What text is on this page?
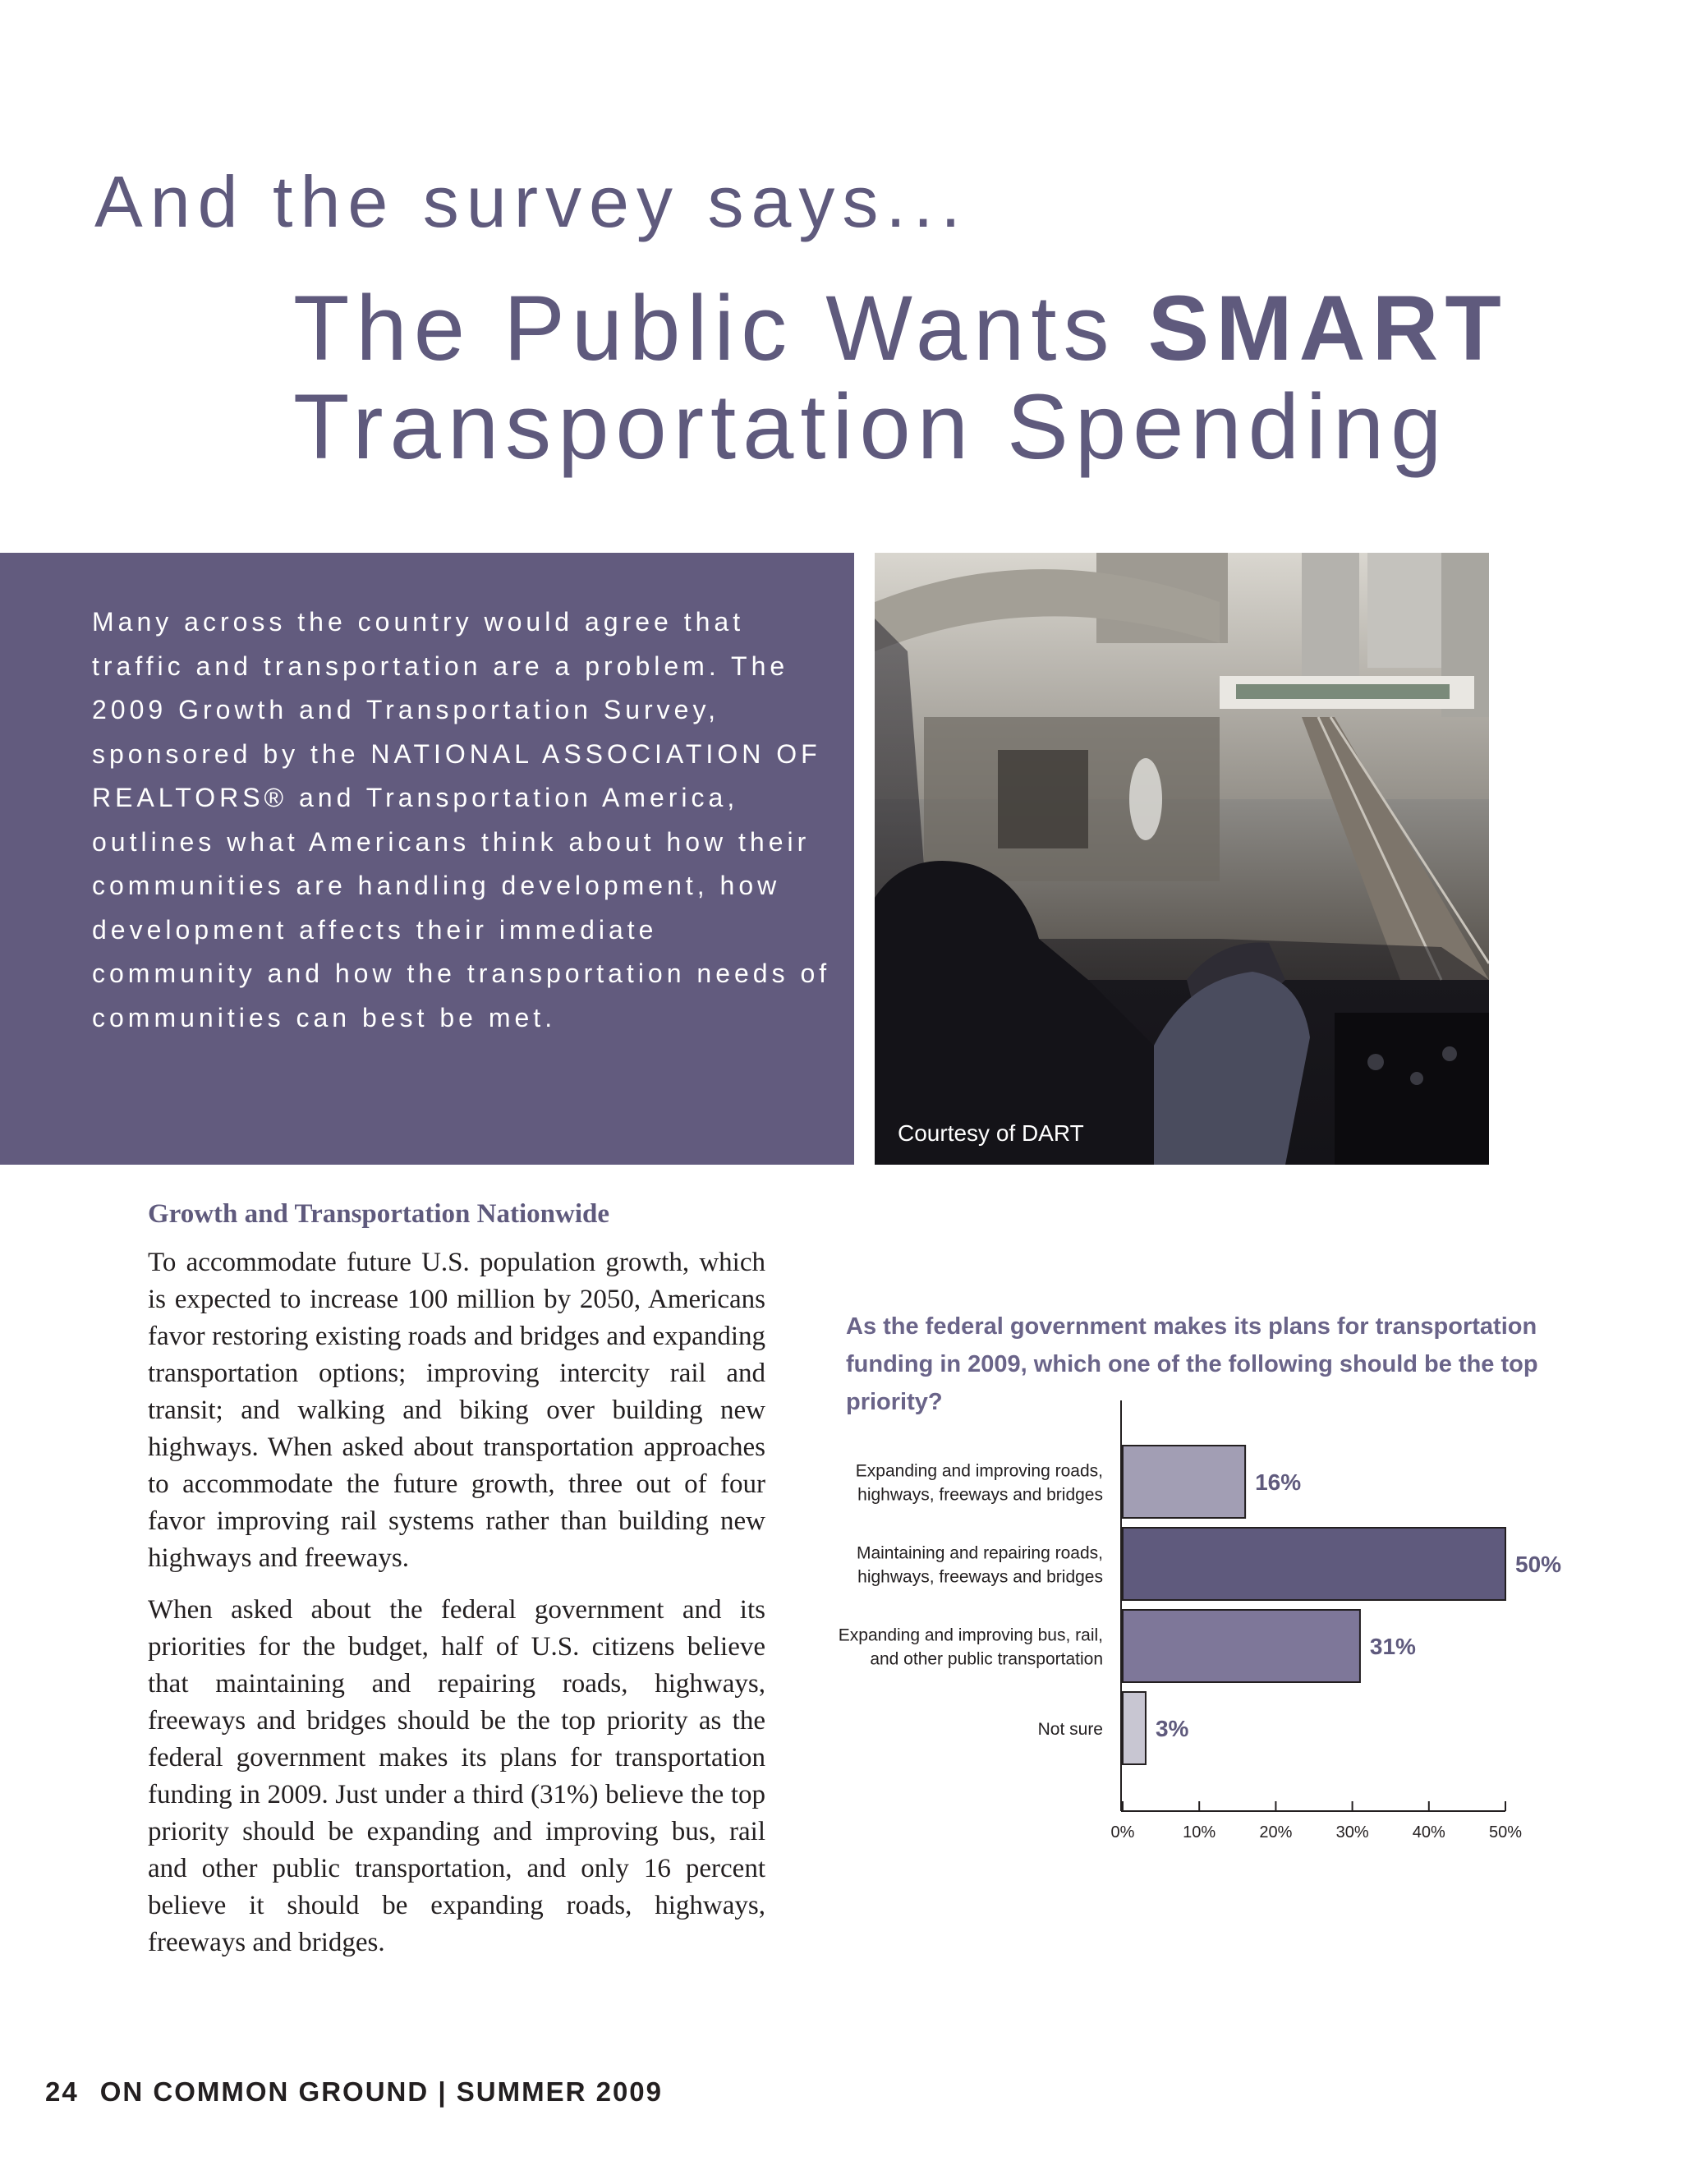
And the survey says...
The Public Wants SMART
Transportation Spending

Many across the country would agree that traffic and transportation are a problem. The 2009 Growth and Transportation Survey, sponsored by the NATIONAL ASSOCIATION OF REALTORS® and Transportation America, outlines what Americans think about how their communities are handling development, how development affects their immediate community and how the transportation needs of communities can best be met.

Courtesy of DART
Growth and Transportation Nationwide

To accommodate future U.S. population growth, which is expected to increase 100 million by 2050, Americans favor restoring existing roads and bridges and expanding transportation options; improving intercity rail and transit; and walking and biking over building new highways. When asked about transportation approaches to accommodate the future growth, three out of four favor improving rail systems rather than building new highways and freeways.

When asked about the federal government and its priorities for the budget, half of U.S. citizens believe that maintaining and repairing roads, highways, freeways and bridges should be the top priority as the federal government makes its plans for transportation funding in 2009. Just under a third (31%) believe the top priority should be expanding and improving bus, rail and other public transportation, and only 16 percent believe it should be expanding roads, highways, freeways and bridges.

As the federal government makes its plans for transportation funding in 2009, which one of the following should be the top priority?

16%
Expanding and improving roads,
highways, freeways and bridges
50%
Maintaining and repairing roads,
highways, freeways and bridges
31%
Expanding and improving bus, rail,
and other public transportation
3%
Not sure
0%	10%	20%	30%	40%	50%
24 ON COMMON GROUND | SUMMER 2009
